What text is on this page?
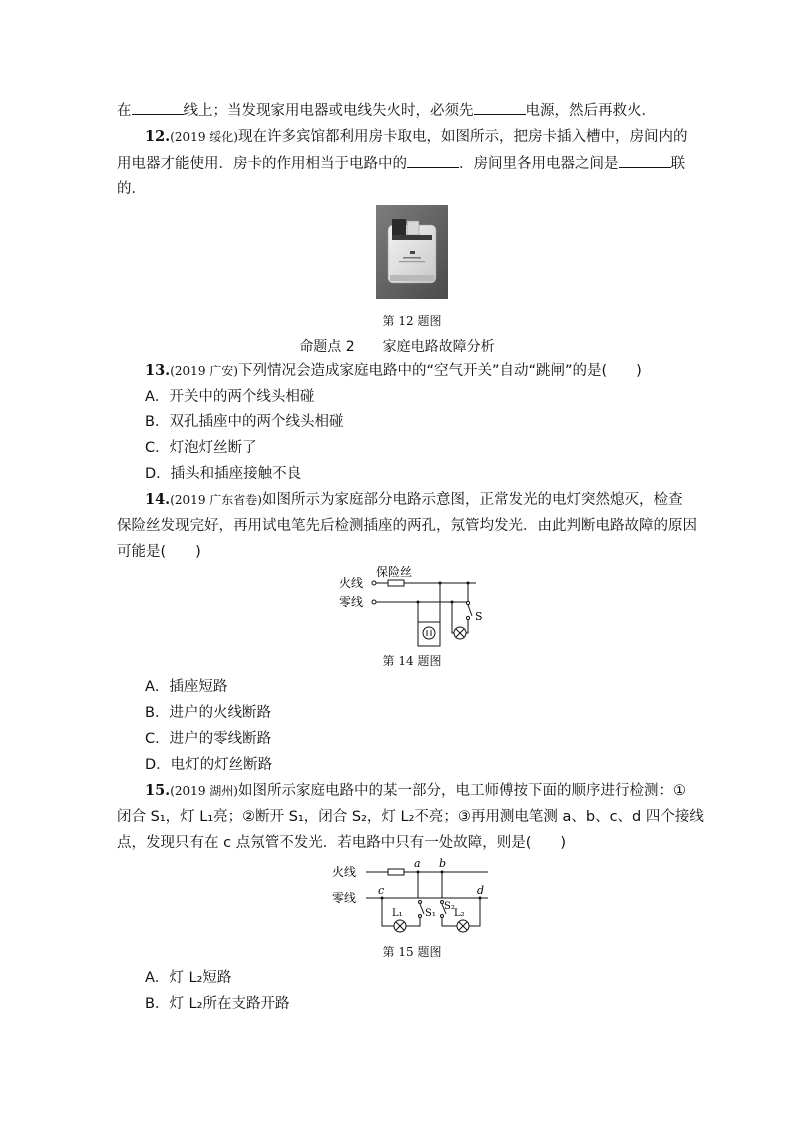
在	线上；当发现家用电器或电线失火时，必须先	电源，然后再救火．
12.(2019 绥化)现在许多宾馆都利用房卡取电，如图所示，把房卡插入槽中，房间内的
用电器才能使用．房卡的作用相当于电路中的	．房间里各用电器之间是	联
的．
第 12 题图
命题点 2　　家庭电路故障分析
13.(2019 广安)下列情况会造成家庭电路中的“空气开关”自动“跳闸”的是(　　)
A．开关中的两个线头相碰
B．双孔插座中的两个线头相碰
C．灯泡灯丝断了
D．插头和插座接触不良
14.(2019 广东省卷)如图所示为家庭部分电路示意图，正常发光的电灯突然熄灭，检查
保险丝发现完好，再用试电笔先后检测插座的两孔，氖管均发光．由此判断电路故障的原因
可能是(　　)
火线
零线
保险丝
S
第 14 题图
A．插座短路
B．进户的火线断路
C．进户的零线断路
D．电灯的灯丝断路
15.(2019 湖州)如图所示家庭电路中的某一部分，电工师傅按下面的顺序进行检测：①
闭合 S₁，灯 L₁亮；②断开 S₁，闭合 S₂，灯 L₂不亮；③再用测电笔测 a、b、c、d 四个接线
点，发现只有在 c 点氖管不发光．若电路中只有一处故障，则是(　　)
火线
零线
a b
c	d
L₁ S₁
S₂
L₂
第 15 题图
A．灯 L₂短路
B．灯 L₂所在支路开路
